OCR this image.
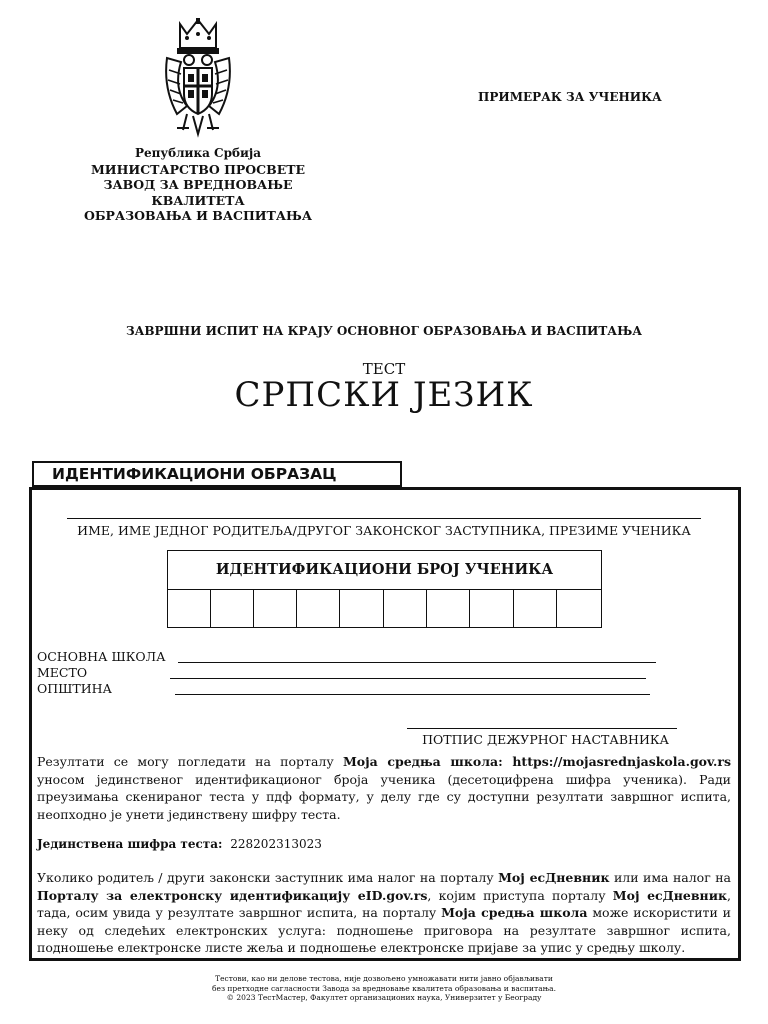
Република Србија
МИНИСТАРСТВО ПРОСВЕТЕ
ЗАВОД ЗА ВРЕДНОВАЊЕ КВАЛИТЕТА
ОБРАЗОВАЊА И ВАСПИТАЊА
ПРИМЕРАК ЗА УЧЕНИКА
ЗАВРШНИ ИСПИТ НА КРАЈУ ОСНОВНОГ ОБРАЗОВАЊА И ВАСПИТАЊА
ТЕСТ
СРПСКИ ЈЕЗИК
ИДЕНТИФИКАЦИОНИ ОБРАЗАЦ
ИМЕ, ИМЕ ЈЕДНОГ РОДИТЕЉА/ДРУГОГ ЗАКОНСКОГ ЗАСТУПНИКА, ПРЕЗИМЕ УЧЕНИКА
ИДЕНТИФИКАЦИОНИ БРОЈ УЧЕНИКА
ОСНОВНА ШКОЛА
МЕСТО
ОПШТИНА
ПОТПИС ДЕЖУРНОГ НАСТАВНИКА
Резултати се могу погледати на порталу Моја средња школа: https://mojasrednjaskola.gov.rs уносом јединственог идентификационог броја ученика (десетоцифрена шифра ученика). Ради преузимања скенираног теста у пдф формату, у делу где су доступни резултати завршног испита, неопходно је унети јединствену шифру теста.
Јединствена шифра теста: 228202313023
Уколико родитељ / други законски заступник има налог на порталу Мој есДневник или има налог на Порталу за електронску идентификацију eID.gov.rs, којим приступа порталу Мој есДневник, тада, осим увида у резултате завршног испита, на порталу Моја средња школа може искористити и неку од следећих електронских услуга: подношење приговора на резултате завршног испита, подношење електронске листе жеља и подношење електронске пријаве за упис у средњу школу.
Тестови, као ни делове тестова, није дозвољено умножавати нити јавно објављивати
без претходне сагласности Завода за вредновање квалитета образовања и васпитања.
© 2023 ТестМастер, Факултет организационих наука, Универзитет у Београду
